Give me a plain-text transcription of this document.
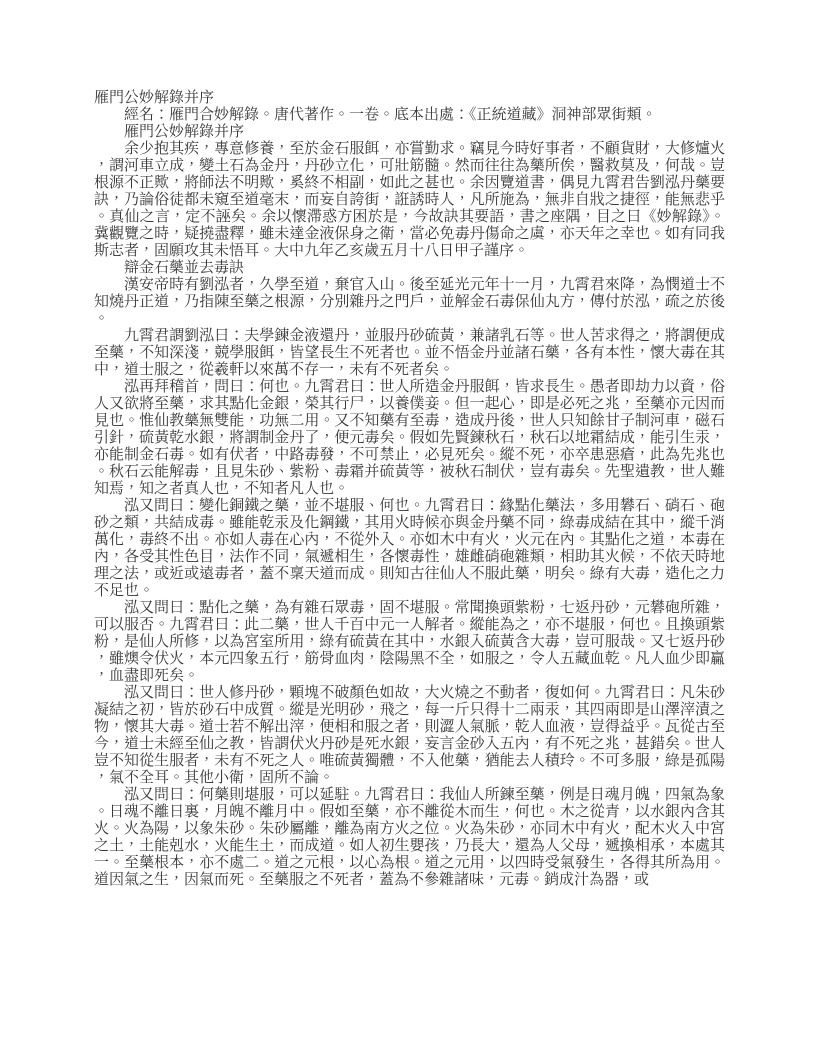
雁門公妙解錄并序

經名：雁門合妙解錄。唐代著作。一卷。底本出處：《正統道藏》洞神部眾街類。

雁門公妙解錄并序

余少抱其疾，專意修養，至於金石服餌，亦嘗勤求。竊見今時好事者，不顧貨財，大修爐火，謂河車立成，變土石為金丹，丹砂立化，可壯筋髓。然而往往為藥所俟，醫救莫及，何哉。豈根源不正歟，將師法不明歟，奚終不相副，如此之甚也。余因覽道書，偶見九霄君告劉泓丹藥要訣，乃論俗徒都未窺至道毫末，而妄自誇街，誑誘時人，凡所施為，無非自戕之捷徑，能無悲乎。真仙之言，定不誣矣。余以懷滯惑方困於是，今故訣其要語，書之座隅，目之曰《妙解錄》。冀觀覽之時，疑撓盡釋，雖未達金液保身之衛，當必免毒丹傷命之虞，亦天年之幸也。如有同我斯志者，固願攻其未悟耳。大中九年乙亥歲五月十八日甲子謹序。

辯金石藥並去毒訣

漢安帝時有劉泓者，久學至道，棄官入山。後至延光元年十一月，九霄君來降，為憫道士不知燒丹正道，乃指陳至藥之根源，分別雜丹之門戶，並解金石毒保仙丸方，傳付於泓，疏之於後。

九霄君謂劉泓曰：夫學鍊金液還丹，並服丹砂硫黃，兼諸乳石等。世人苦求得之，將謂便成至藥，不知深淺，競學服餌，皆望長生不死者也。並不悟金丹並諸石藥，各有本性，懷大毒在其中，道士服之，從羲軒以來萬不存一，未有不死者矣。

泓再拜稽首，問曰：何也。九霄君曰：世人所造金丹服餌，皆求長生。愚者即劫力以資，俗人又欲將至藥，求其點化金銀，榮其行尸，以養僕妾。但一起心，即是必死之兆，至藥亦元因而見也。惟仙教藥無雙能，功無二用。又不知藥有至毒，造成丹後，世人只知餘甘子制河車，磁石引針，硫黃乾水銀，將謂制金丹了，便元毒矣。假如先賢鍊秋石，秋石以地霜結成，能引生汞，亦能制金石毒。如有伏者，中路毒發，不可禁止，必見死矣。縱不死，亦卒患惡瘡，此為先兆也。秋石云能解毒，且見朱砂、紫粉、毒霜并硫黃等，被秋石制伏，豈有毒矣。先聖遺教，世人難知焉，知之者真人也，不知者凡人也。

泓又問曰：變化銅鐵之藥，並不堪服、何也。九霄君曰：緣點化藥法，多用礬石、硝石、砲砂之類，共結成毒。雖能乾汞及化鋼鐵，其用火時候亦與金丹藥不同，綠毒成結在其中，縱千消萬化，毒終不出。亦如人毒在心內，不從外入。亦如木中有火，火元在內。其點化之道，本毒在內，各受其性色目，法作不同，氣遞相生，各懷毒性，雄雌硝砲雜類，相助其火候，不依天時地理之法，或近或遠毒者，蓋不稟天道而成。則知古往仙人不服此藥，明矣。綠有大毒，造化之力不足也。

泓又問曰：點化之藥，為有雜石眾毒，固不堪服。常聞換頭紫粉，七返丹砂，元礬砲所雜，可以服否。九霄君曰：此二藥，世人千百中元一人解者。縱能為之，亦不堪服，何也。且換頭紫粉，是仙人所修，以為宮室所用，綠有硫黃在其中，水銀入硫黃含大毒，豈可服哉。又七返丹砂，雖燠令伏火，本元四象五行，筋骨血肉，陰陽黑不全，如服之，令人五藏血乾。凡人血少即贏，血盡即死矣。

泓又問曰：世人修丹砂，顆塊不破顏色如故，大火燒之不動者，復如何。九霄君曰：凡朱砂凝結之初，皆於砂石中成質。縱是光明砂，飛之，每一斤只得十二兩汞，其四兩即是山澤滓漬之物，懷其大毒。道士若不解出滓，便相和服之者，則澀人氣脈，乾人血液，豈得益乎。瓦從古至今，道士未經至仙之教，皆謂伏火丹砂是死水銀，妄言金砂入五內，有不死之兆，甚錯矣。世人豈不知從生服者，未有不死之人。唯硫黃獨體，不入他藥，猶能去人積玲。不可多服，綠是孤陽，氣不全耳。其他小衛，固所不論。

泓又問曰：何藥則堪服，可以延駐。九霄君曰：我仙人所鍊至藥，例是日魂月魄，四氣為象。日魂不離日裏，月魄不離月中。假如至藥，亦不離從木而生，何也。木之從青，以水銀內含其火。火為陽，以象朱砂。朱砂屬離，離為南方火之位。火為朱砂，亦同木中有火，配木火入中宮之土，土能剋水，火能生土，而成道。如人初生嬰孩，乃長大，還為人父母，遞換相承，本處其一。至藥根本，亦不處二。道之元根，以心為根。道之元用，以四時受氣發生，各得其所為用。道因氣之生，因氣而死。至藥服之不死者，蓋為不參雜諸味，元毒。銷成汁為器，或
